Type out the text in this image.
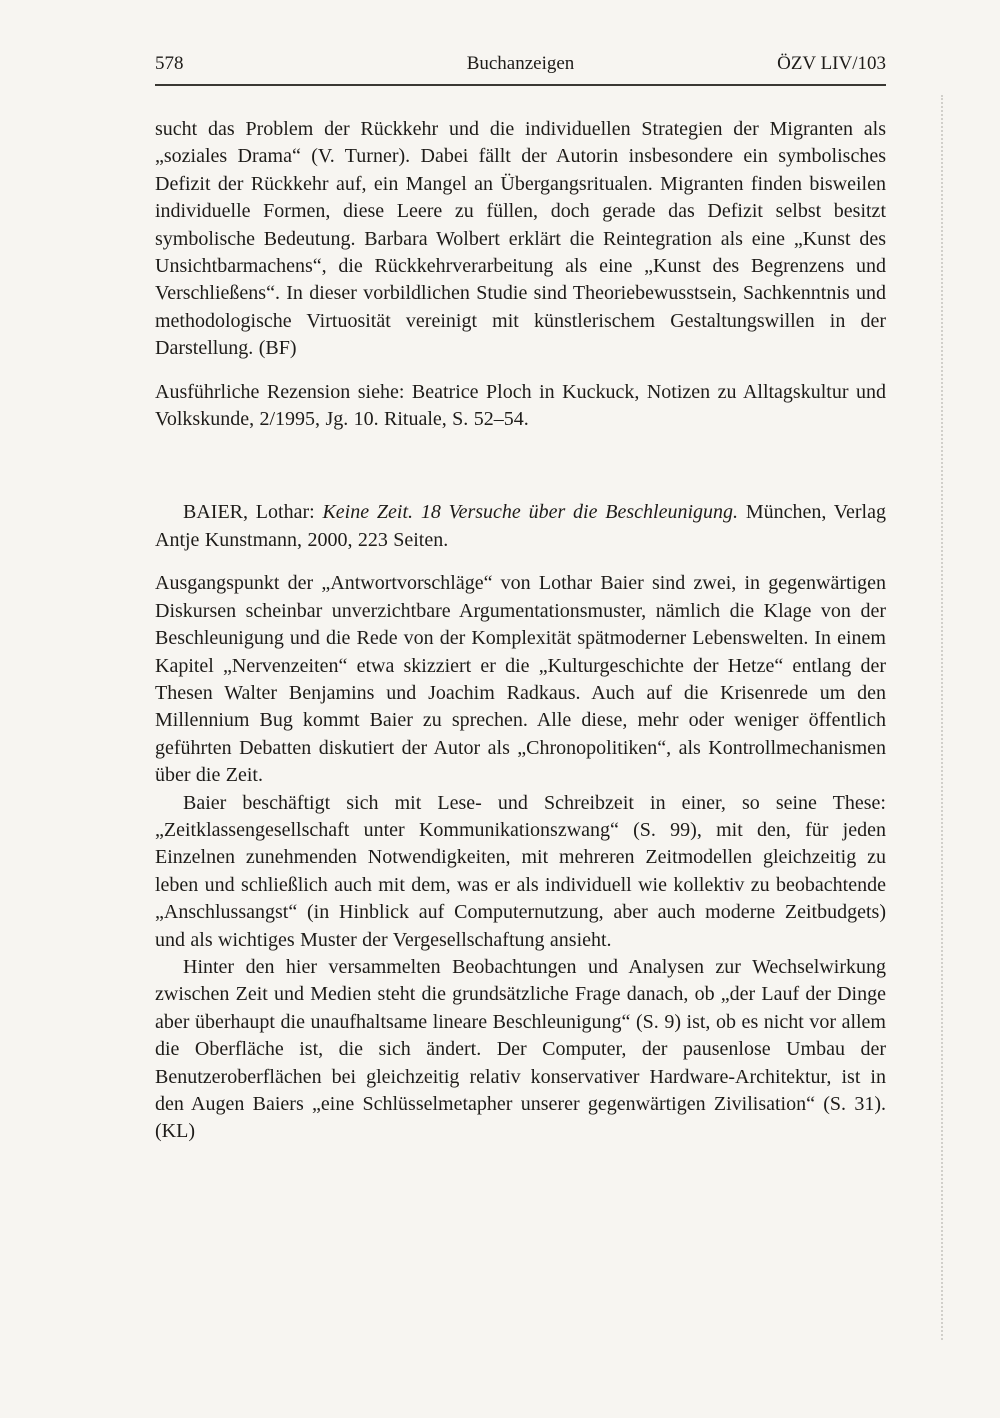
578	Buchanzeigen	ÖZV LIV/103

sucht das Problem der Rückkehr und die individuellen Strategien der Migranten als „soziales Drama“ (V. Turner). Dabei fällt der Autorin insbesondere ein symbolisches Defizit der Rückkehr auf, ein Mangel an Übergangsritualen. Migranten finden bisweilen individuelle Formen, diese Leere zu füllen, doch gerade das Defizit selbst besitzt symbolische Bedeutung. Barbara Wolbert erklärt die Reintegration als eine „Kunst des Unsichtbarmachens“, die Rückkehrverarbeitung als eine „Kunst des Begrenzens und Verschließens“. In dieser vorbildlichen Studie sind Theoriebewusstsein, Sachkenntnis und methodologische Virtuosität vereinigt mit künstlerischem Gestaltungswillen in der Darstellung. (BF)

Ausführliche Rezension siehe: Beatrice Ploch in Kuckuck, Notizen zu Alltagskultur und Volkskunde, 2/1995, Jg. 10. Rituale, S. 52–54.

BAIER, Lothar: Keine Zeit. 18 Versuche über die Beschleunigung. München, Verlag Antje Kunstmann, 2000, 223 Seiten.

Ausgangspunkt der „Antwortvorschläge“ von Lothar Baier sind zwei, in gegenwärtigen Diskursen scheinbar unverzichtbare Argumentationsmuster, nämlich die Klage von der Beschleunigung und die Rede von der Komplexität spätmoderner Lebenswelten. In einem Kapitel „Nervenzeiten“ etwa skizziert er die „Kulturgeschichte der Hetze“ entlang der Thesen Walter Benjamins und Joachim Radkaus. Auch auf die Krisenrede um den Millennium Bug kommt Baier zu sprechen. Alle diese, mehr oder weniger öffentlich geführten Debatten diskutiert der Autor als „Chronopolitiken“, als Kontrollmechanismen über die Zeit.

Baier beschäftigt sich mit Lese- und Schreibzeit in einer, so seine These: „Zeitklassengesellschaft unter Kommunikationszwang“ (S. 99), mit den, für jeden Einzelnen zunehmenden Notwendigkeiten, mit mehreren Zeitmodellen gleichzeitig zu leben und schließlich auch mit dem, was er als individuell wie kollektiv zu beobachtende „Anschlussangst“ (in Hinblick auf Computernutzung, aber auch moderne Zeitbudgets) und als wichtiges Muster der Vergesellschaftung ansieht.

Hinter den hier versammelten Beobachtungen und Analysen zur Wechselwirkung zwischen Zeit und Medien steht die grundsätzliche Frage danach, ob „der Lauf der Dinge aber überhaupt die unaufhaltsame lineare Beschleunigung“ (S. 9) ist, ob es nicht vor allem die Oberfläche ist, die sich ändert. Der Computer, der pausenlose Umbau der Benutzeroberflächen bei gleichzeitig relativ konservativer Hardware-Architektur, ist in den Augen Baiers „eine Schlüsselmetapher unserer gegenwärtigen Zivilisation“ (S. 31). (KL)
